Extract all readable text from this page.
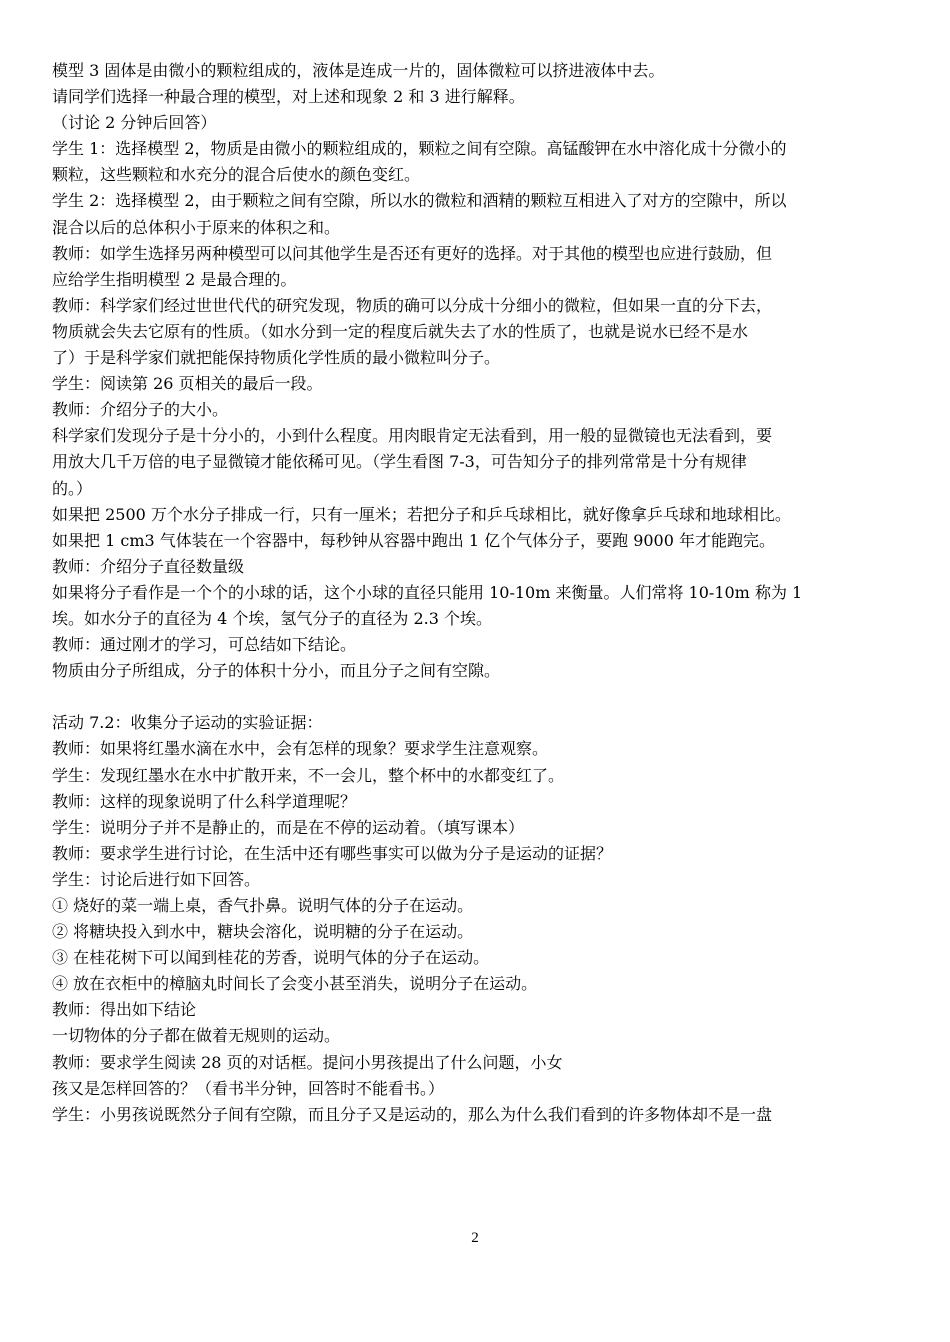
模型 3 固体是由微小的颗粒组成的，液体是连成一片的，固体微粒可以挤进液体中去。
请同学们选择一种最合理的模型，对上述和现象 2 和 3 进行解释。
（讨论 2 分钟后回答）
学生 1：选择模型 2，物质是由微小的颗粒组成的，颗粒之间有空隙。高锰酸钾在水中溶化成十分微小的
颗粒，这些颗粒和水充分的混合后使水的颜色变红。
学生 2：选择模型 2，由于颗粒之间有空隙，所以水的微粒和酒精的颗粒互相进入了对方的空隙中，所以
混合以后的总体积小于原来的体积之和。
教师：如学生选择另两种模型可以问其他学生是否还有更好的选择。对于其他的模型也应进行鼓励，但
应给学生指明模型 2 是最合理的。
教师：科学家们经过世世代代的研究发现，物质的确可以分成十分细小的微粒，但如果一直的分下去，
物质就会失去它原有的性质。（如水分到一定的程度后就失去了水的性质了，也就是说水已经不是水
了）于是科学家们就把能保持物质化学性质的最小微粒叫分子。
学生：阅读第 26 页相关的最后一段。
教师：介绍分子的大小。
科学家们发现分子是十分小的，小到什么程度。用肉眼肯定无法看到，用一般的显微镜也无法看到，要
用放大几千万倍的电子显微镜才能依稀可见。（学生看图 7-3，可告知分子的排列常常是十分有规律
的。）
如果把 2500 万个水分子排成一行，只有一厘米；若把分子和乒乓球相比，就好像拿乒乓球和地球相比。
如果把 1 cm3 气体装在一个容器中，每秒钟从容器中跑出 1 亿个气体分子，要跑 9000 年才能跑完。
教师：介绍分子直径数量级
如果将分子看作是一个个的小球的话，这个小球的直径只能用 10-10m 来衡量。人们常将 10-10m 称为 1
埃。如水分子的直径为 4 个埃，氢气分子的直径为 2.3 个埃。
教师：通过刚才的学习，可总结如下结论。
物质由分子所组成，分子的体积十分小，而且分子之间有空隙。
活动 7.2：收集分子运动的实验证据：
教师：如果将红墨水滴在水中，会有怎样的现象？要求学生注意观察。
学生：发现红墨水在水中扩散开来，不一会儿，整个杯中的水都变红了。
教师：这样的现象说明了什么科学道理呢？
学生：说明分子并不是静止的，而是在不停的运动着。（填写课本）
教师：要求学生进行讨论，在生活中还有哪些事实可以做为分子是运动的证据？
学生：讨论后进行如下回答。
① 烧好的菜一端上桌，香气扑鼻。说明气体的分子在运动。
② 将糖块投入到水中，糖块会溶化，说明糖的分子在运动。
③ 在桂花树下可以闻到桂花的芳香，说明气体的分子在运动。
④ 放在衣柜中的樟脑丸时间长了会变小甚至消失，说明分子在运动。
教师：得出如下结论
一切物体的分子都在做着无规则的运动。
教师：要求学生阅读 28 页的对话框。提问小男孩提出了什么问题，小女
孩又是怎样回答的？（看书半分钟，回答时不能看书。）
学生：小男孩说既然分子间有空隙，而且分子又是运动的，那么为什么我们看到的许多物体却不是一盘
2
